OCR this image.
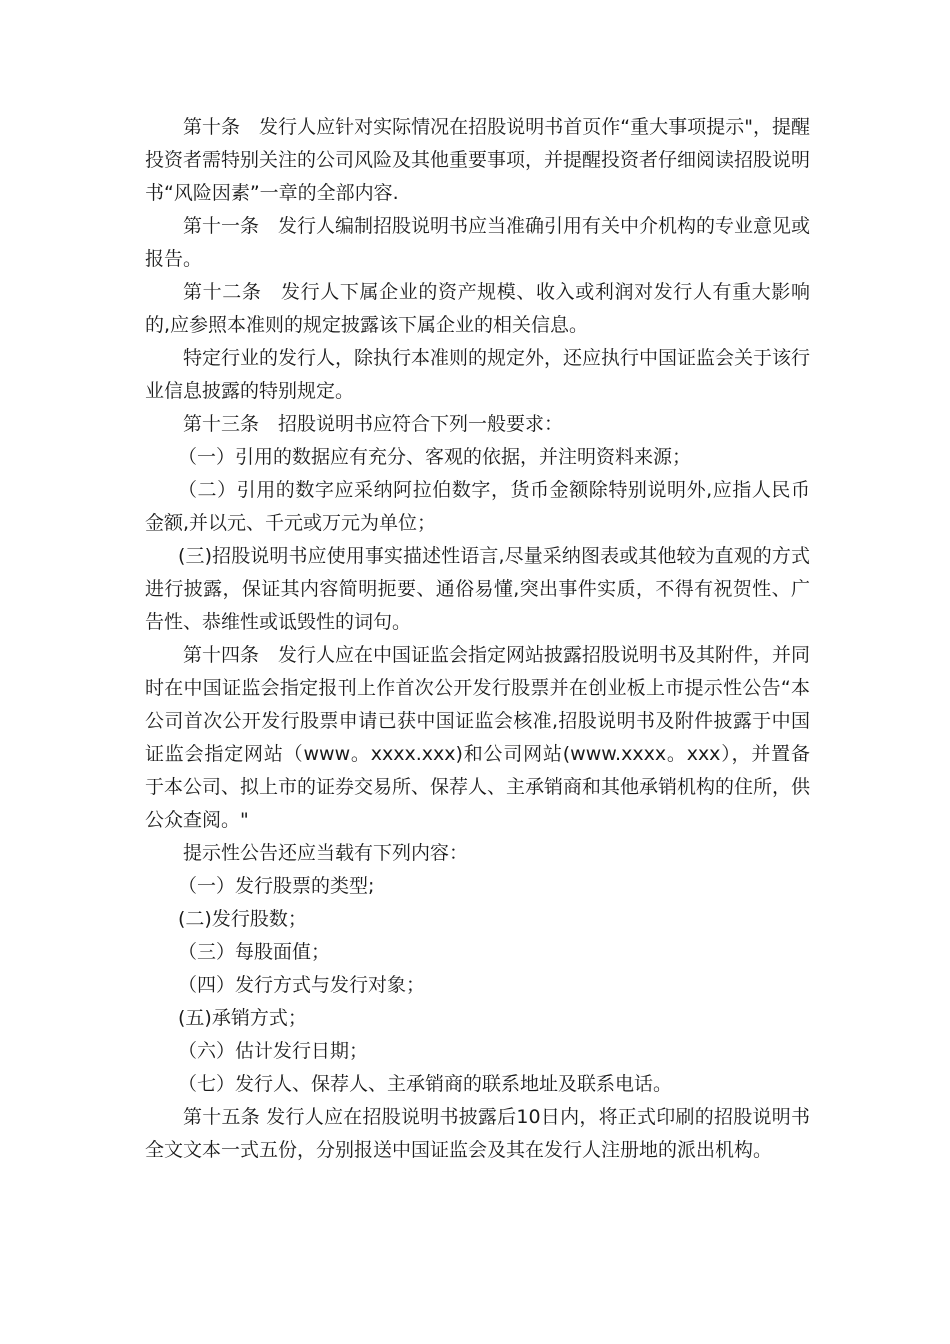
第十条　发行人应针对实际情况在招股说明书首页作“重大事项提示"，提醒投资者需特别关注的公司风险及其他重要事项，并提醒投资者仔细阅读招股说明书“风险因素”一章的全部内容.

第十一条　发行人编制招股说明书应当准确引用有关中介机构的专业意见或报告。

第十二条　发行人下属企业的资产规模、收入或利润对发行人有重大影响的,应参照本准则的规定披露该下属企业的相关信息。

特定行业的发行人，除执行本准则的规定外，还应执行中国证监会关于该行业信息披露的特别规定。

第十三条　招股说明书应符合下列一般要求：

（一）引用的数据应有充分、客观的依据，并注明资料来源；

（二）引用的数字应采纳阿拉伯数字，货币金额除特别说明外,应指人民币金额,并以元、千元或万元为单位；

(三)招股说明书应使用事实描述性语言,尽量采纳图表或其他较为直观的方式进行披露，保证其内容简明扼要、通俗易懂,突出事件实质，不得有祝贺性、广告性、恭维性或诋毁性的词句。

第十四条　发行人应在中国证监会指定网站披露招股说明书及其附件，并同时在中国证监会指定报刊上作首次公开发行股票并在创业板上市提示性公告“本公司首次公开发行股票申请已获中国证监会核准,招股说明书及附件披露于中国证监会指定网站（www。xxxx.xxx)和公司网站(www.xxxx。xxx），并置备于本公司、拟上市的证券交易所、保荐人、主承销商和其他承销机构的住所，供公众查阅。"

提示性公告还应当载有下列内容：

（一）发行股票的类型;

(二)发行股数；

（三）每股面值；

（四）发行方式与发行对象；

(五)承销方式；

（六）估计发行日期；

（七）发行人、保荐人、主承销商的联系地址及联系电话。

第十五条 发行人应在招股说明书披露后10日内，将正式印刷的招股说明书全文文本一式五份，分别报送中国证监会及其在发行人注册地的派出机构。
